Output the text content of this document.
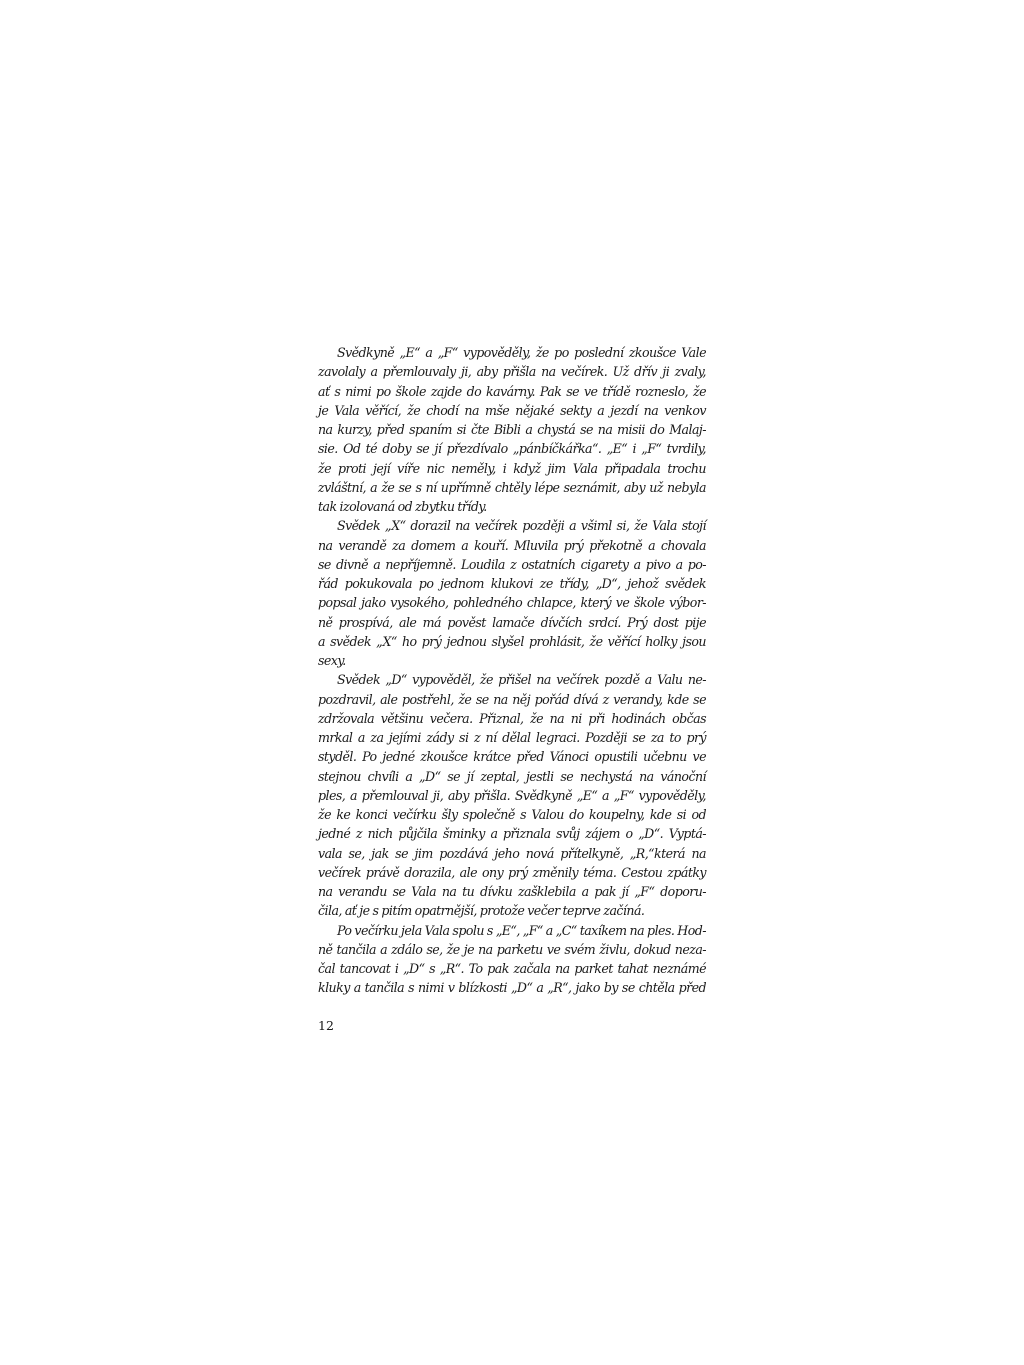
Svědkyně „E“ a „F“ vypověděly, že po poslední zkoušce Vale
zavolaly a přemlouvaly ji, aby přišla na večírek. Už dřív ji zvaly,
ať s nimi po škole zajde do kavárny. Pak se ve třídě rozneslo, že
je Vala věřící, že chodí na mše nějaké sekty a jezdí na venkov
na kurzy, před spaním si čte Bibli a chystá se na misii do Malaj-
sie. Od té doby se jí přezdívalo „pánbíčkářka“. „E“ i „F“ tvrdily,
že proti její víře nic neměly, i když jim Vala připadala trochu
zvláštní, a že se s ní upřímně chtěly lépe seznámit, aby už nebyla
tak izolovaná od zbytku třídy.
Svědek „X“ dorazil na večírek později a všiml si, že Vala stojí
na verandě za domem a kouří. Mluvila prý překotně a chovala
se divně a nepříjemně. Loudila z ostatních cigarety a pivo a po-
řád pokukovala po jednom klukovi ze třídy, „D“, jehož svědek
popsal jako vysokého, pohledného chlapce, který ve škole výbor-
ně prospívá, ale má pověst lamače dívčích srdcí. Prý dost pije
a svědek „X“ ho prý jednou slyšel prohlásit, že věřící holky jsou
sexy.
Svědek „D“ vypověděl, že přišel na večírek pozdě a Valu ne-
pozdravil, ale postřehl, že se na něj pořád dívá z verandy, kde se
zdržovala většinu večera. Přiznal, že na ni při hodinách občas
mrkal a za jejími zády si z ní dělal legraci. Později se za to prý
styděl. Po jedné zkoušce krátce před Vánoci opustili učebnu ve
stejnou chvíli a „D“ se jí zeptal, jestli se nechystá na vánoční
ples, a přemlouval ji, aby přišla. Svědkyně „E“ a „F“ vypověděly,
že ke konci večírku šly společně s Valou do koupelny, kde si od
jedné z nich půjčila šminky a přiznala svůj zájem o „D“. Vyptá-
vala se, jak se jim pozdává jeho nová přítelkyně, „R,“která na
večírek právě dorazila, ale ony prý změnily téma. Cestou zpátky
na verandu se Vala na tu dívku zašklebila a pak jí „F“ doporu-
čila, ať je s pitím opatrnější, protože večer teprve začíná.
Po večírku jela Vala spolu s „E“, „F“ a „C“ taxíkem na ples. Hod-
ně tančila a zdálo se, že je na parketu ve svém živlu, dokud neza-
čal tancovat i „D“ s „R“. To pak začala na parket tahat neznámé
kluky a tančila s nimi v blízkosti „D“ a „R“, jako by se chtěla před
12
